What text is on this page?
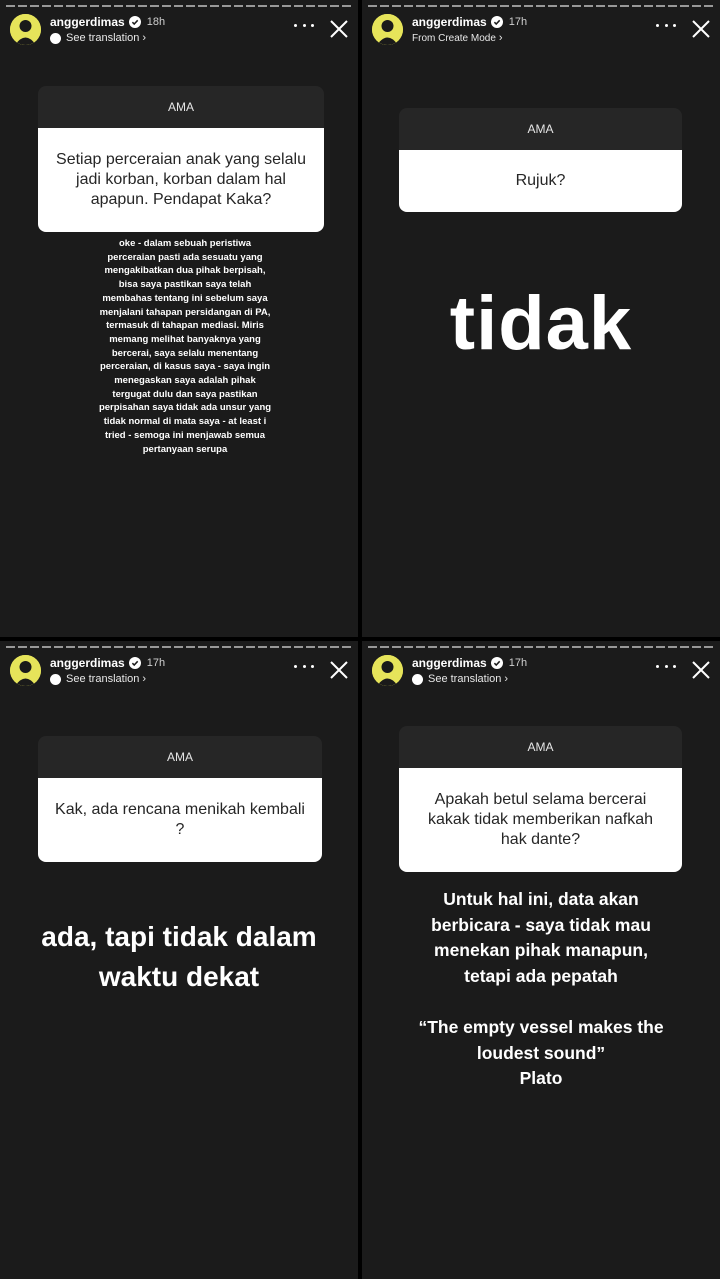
anggerdimas 18h
See translation ›
AMA
Setiap perceraian anak yang selalu jadi korban, korban dalam hal apapun. Pendapat Kaka?
oke - dalam sebuah peristiwa perceraian pasti ada sesuatu yang mengakibatkan dua pihak berpisah, bisa saya pastikan saya telah membahas tentang ini sebelum saya menjalani tahapan persidangan di PA, termasuk di tahapan mediasi. Miris memang melihat banyaknya yang bercerai, saya selalu menentang perceraian, di kasus saya - saya ingin menegaskan saya adalah pihak tergugat dulu dan saya pastikan perpisahan saya tidak ada unsur yang tidak normal di mata saya - at least i tried - semoga ini menjawab semua pertanyaan serupa
anggerdimas 17h
From Create Mode ›
AMA
Rujuk?
tidak
anggerdimas 17h
See translation ›
AMA
Kak, ada rencana menikah kembali ?
ada, tapi tidak dalam
waktu dekat
anggerdimas 17h
See translation ›
AMA
Apakah betul selama bercerai kakak tidak memberikan nafkah hak dante?
Untuk hal ini, data akan berbicara - saya tidak mau menekan pihak manapun, tetapi ada pepatah
“The empty vessel makes the loudest sound”
Plato
